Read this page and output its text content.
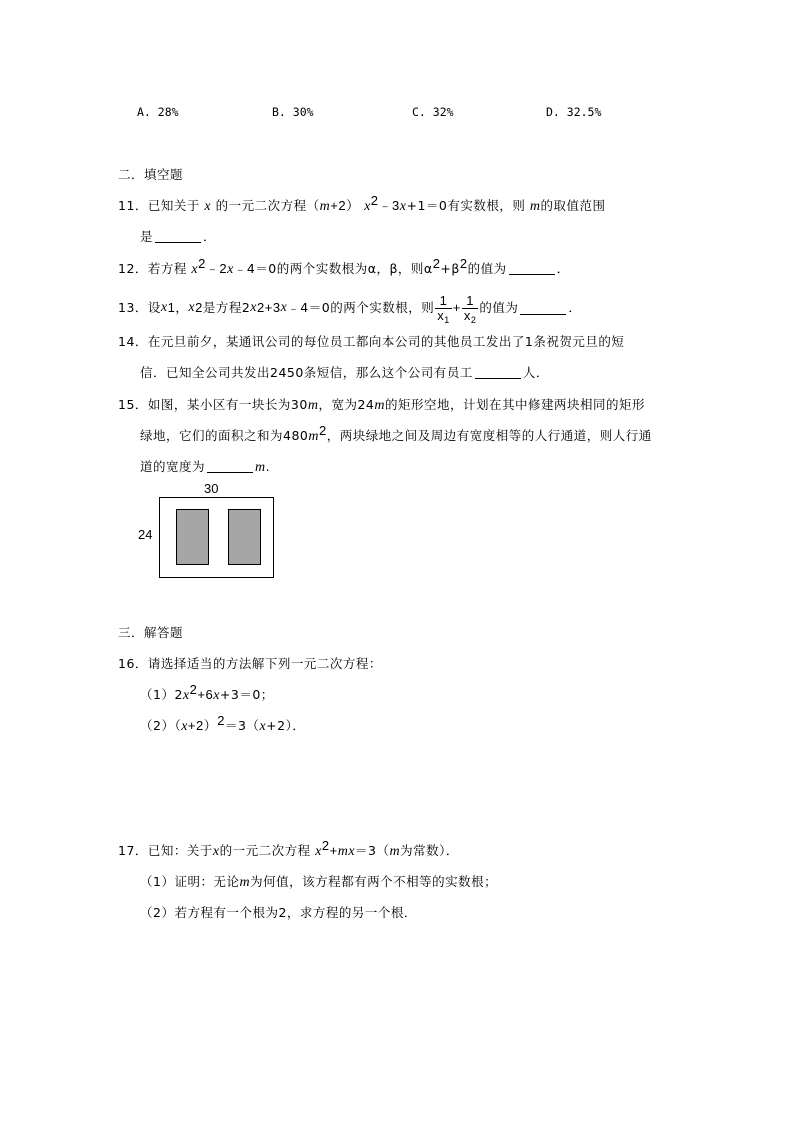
A. 28%	B. 30%	C. 32%	D. 32.5%
二．填空题
11．已知关于 x 的一元二次方程（m+2） $x^2﹣3x+1=0$有实数根，则 m的取值范围
是	．
12．若方程 $x^2﹣2x﹣4=0$的两个实数根为α，β，则$\alpha^2+\beta^2$的值为	．
13． 设 x 1 ， x 2 是方程2 x 2 +3 x ﹣4＝0的两个实数根，则 $\frac{1}{x_1} + \frac{1}{x_2}$ 的值为	．
14．在元旦前夕，某通讯公司的每位员工都向本公司的其他员工发出了1条祝贺元旦的短
信．已知全公司共发出2450条短信，那么这个公司有员工	人．
15．如图，某小区有一块长为30m，宽为24m的矩形空地，计划在其中修建两块相同的矩形
绿地，它们的面积之和为$480m^2$，两块绿地之间及周边有宽度相等的人行通道，则人行通
道的宽度为	m.
30
24
三．解答题
16．请选择适当的方法解下列一元二次方程：
$(1)2x^2+6x+3=0$；
$(2)(x+2)^2=3(x+2)$．
17．已知：关于x的一元二次方程 $x^2+mx=3(m$为常数）．
（1）证明：无论m为何值，该方程都有两个不相等的实数根；
（2）若方程有一个根为2，求方程的另一个根．
